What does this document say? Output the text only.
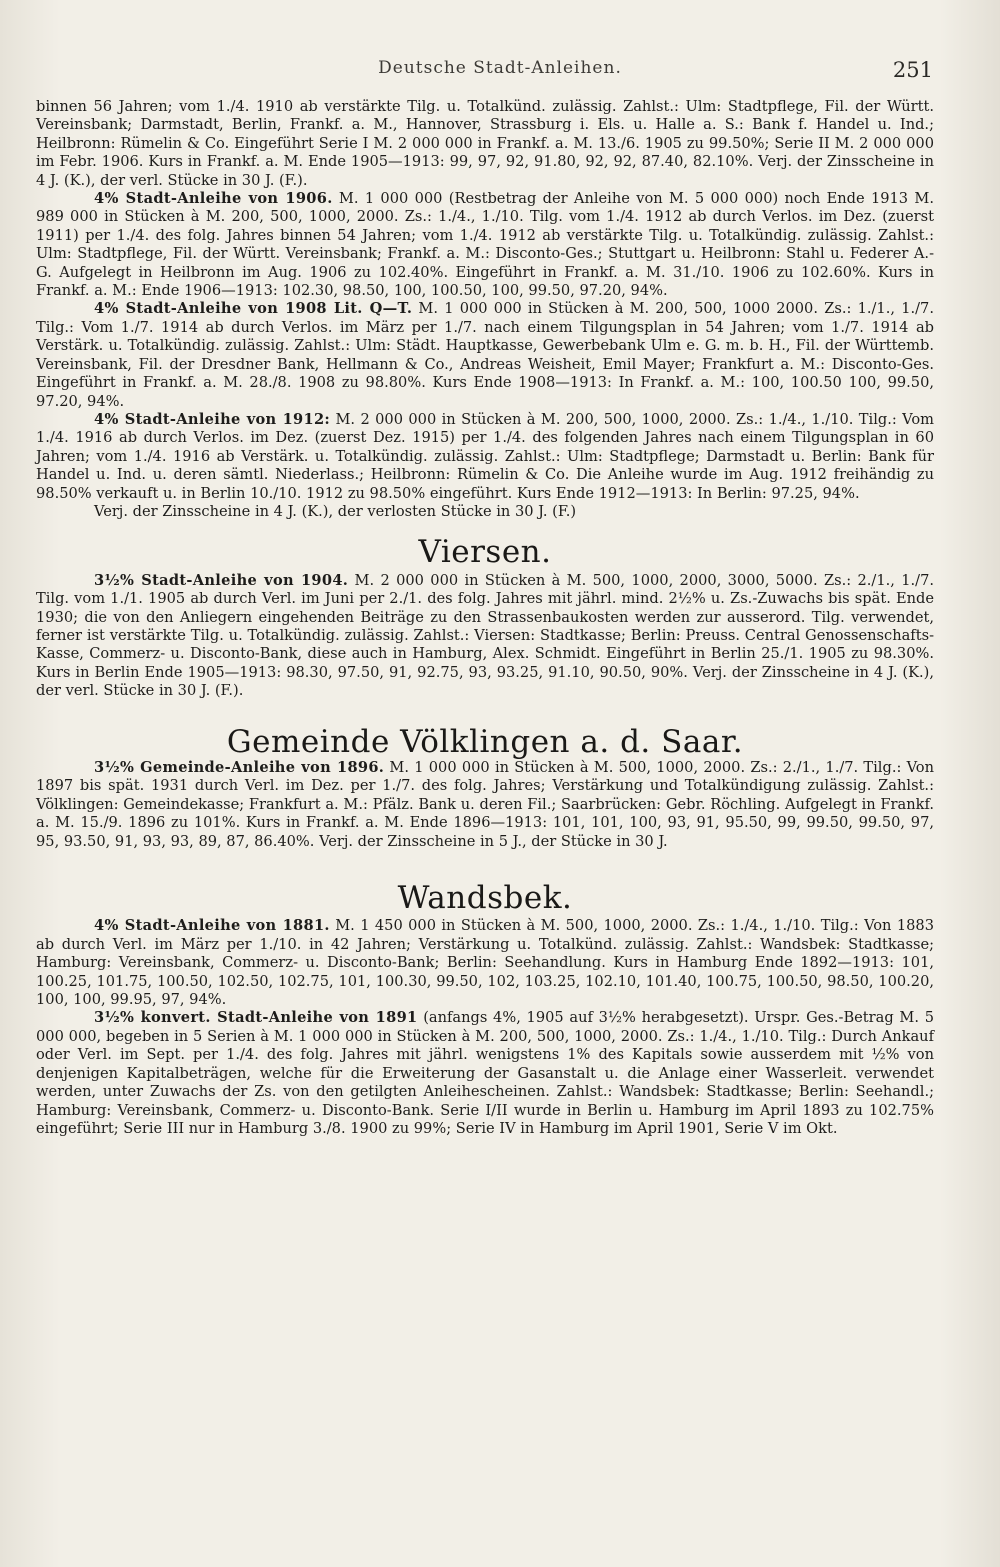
Deutsche Stadt-Anleihen.	251

binnen 56 Jahren; vom 1./4. 1910 ab verstärkte Tilg. u. Totalkünd. zulässig. Zahlst.: Ulm: Stadtpflege, Fil. der Württ. Vereinsbank; Darmstadt, Berlin, Frankf. a. M., Hannover, Strassburg i. Els. u. Halle a. S.: Bank f. Handel u. Ind.; Heilbronn: Rümelin & Co. Eingeführt Serie I M. 2 000 000 in Frankf. a. M. 13./6. 1905 zu 99.50%; Serie II M. 2 000 000 im Febr. 1906. Kurs in Frankf. a. M. Ende 1905—1913: 99, 97, 92, 91.80, 92, 92, 87.40, 82.10%. Verj. der Zinsscheine in 4 J. (K.), der verl. Stücke in 30 J. (F.).

4% Stadt-Anleihe von 1906. M. 1 000 000 (Restbetrag der Anleihe von M. 5 000 000) noch Ende 1913 M. 989 000 in Stücken à M. 200, 500, 1000, 2000. Zs.: 1./4., 1./10. Tilg. vom 1./4. 1912 ab durch Verlos. im Dez. (zuerst 1911) per 1./4. des folg. Jahres binnen 54 Jahren; vom 1./4. 1912 ab verstärkte Tilg. u. Totalkündig. zulässig. Zahlst.: Ulm: Stadtpflege, Fil. der Württ. Vereinsbank; Frankf. a. M.: Disconto-Ges.; Stuttgart u. Heilbronn: Stahl u. Federer A.-G. Aufgelegt in Heilbronn im Aug. 1906 zu 102.40%. Eingeführt in Frankf. a. M. 31./10. 1906 zu 102.60%. Kurs in Frankf. a. M.: Ende 1906—1913: 102.30, 98.50, 100, 100.50, 100, 99.50, 97.20, 94%.

4% Stadt-Anleihe von 1908 Lit. Q—T. M. 1 000 000 in Stücken à M. 200, 500, 1000 2000. Zs.: 1./1., 1./7. Tilg.: Vom 1./7. 1914 ab durch Verlos. im März per 1./7. nach einem Tilgungsplan in 54 Jahren; vom 1./7. 1914 ab Verstärk. u. Totalkündig. zulässig. Zahlst.: Ulm: Städt. Hauptkasse, Gewerbebank Ulm e. G. m. b. H., Fil. der Württemb. Vereinsbank, Fil. der Dresdner Bank, Hellmann & Co., Andreas Weisheit, Emil Mayer; Frankfurt a. M.: Disconto-Ges. Eingeführt in Frankf. a. M. 28./8. 1908 zu 98.80%. Kurs Ende 1908—1913: In Frankf. a. M.: 100, 100.50 100, 99.50, 97.20, 94%.

4% Stadt-Anleihe von 1912: M. 2 000 000 in Stücken à M. 200, 500, 1000, 2000. Zs.: 1./4., 1./10. Tilg.: Vom 1./4. 1916 ab durch Verlos. im Dez. (zuerst Dez. 1915) per 1./4. des folgenden Jahres nach einem Tilgungsplan in 60 Jahren; vom 1./4. 1916 ab Verstärk. u. Totalkündig. zulässig. Zahlst.: Ulm: Stadtpflege; Darmstadt u. Berlin: Bank für Handel u. Ind. u. deren sämtl. Niederlass.; Heilbronn: Rümelin & Co. Die Anleihe wurde im Aug. 1912 freihändig zu 98.50% verkauft u. in Berlin 10./10. 1912 zu 98.50% eingeführt. Kurs Ende 1912—1913: In Berlin: 97.25, 94%.

Verj. der Zinsscheine in 4 J. (K.), der verlosten Stücke in 30 J. (F.)

Viersen.

3½% Stadt-Anleihe von 1904. M. 2 000 000 in Stücken à M. 500, 1000, 2000, 3000, 5000. Zs.: 2./1., 1./7. Tilg. vom 1./1. 1905 ab durch Verl. im Juni per 2./1. des folg. Jahres mit jährl. mind. 2½% u. Zs.-Zuwachs bis spät. Ende 1930; die von den Anliegern eingehenden Beiträge zu den Strassenbaukosten werden zur ausserord. Tilg. verwendet, ferner ist verstärkte Tilg. u. Totalkündig. zulässig. Zahlst.: Viersen: Stadtkasse; Berlin: Preuss. Central Genossenschafts-Kasse, Commerz- u. Disconto-Bank, diese auch in Hamburg, Alex. Schmidt. Eingeführt in Berlin 25./1. 1905 zu 98.30%. Kurs in Berlin Ende 1905—1913: 98.30, 97.50, 91, 92.75, 93, 93.25, 91.10, 90.50, 90%. Verj. der Zinsscheine in 4 J. (K.), der verl. Stücke in 30 J. (F.).

Gemeinde Völklingen a. d. Saar.

3½% Gemeinde-Anleihe von 1896. M. 1 000 000 in Stücken à M. 500, 1000, 2000. Zs.: 2./1., 1./7. Tilg.: Von 1897 bis spät. 1931 durch Verl. im Dez. per 1./7. des folg. Jahres; Verstärkung und Totalkündigung zulässig. Zahlst.: Völklingen: Gemeindekasse; Frankfurt a. M.: Pfälz. Bank u. deren Fil.; Saarbrücken: Gebr. Röchling. Aufgelegt in Frankf. a. M. 15./9. 1896 zu 101%. Kurs in Frankf. a. M. Ende 1896—1913: 101, 101, 100, 93, 91, 95.50, 99, 99.50, 99.50, 97, 95, 93.50, 91, 93, 93, 89, 87, 86.40%. Verj. der Zinsscheine in 5 J., der Stücke in 30 J.

Wandsbek.

4% Stadt-Anleihe von 1881. M. 1 450 000 in Stücken à M. 500, 1000, 2000. Zs.: 1./4., 1./10. Tilg.: Von 1883 ab durch Verl. im März per 1./10. in 42 Jahren; Verstärkung u. Totalkünd. zulässig. Zahlst.: Wandsbek: Stadtkasse; Hamburg: Vereinsbank, Commerz- u. Disconto-Bank; Berlin: Seehandlung. Kurs in Hamburg Ende 1892—1913: 101, 100.25, 101.75, 100.50, 102.50, 102.75, 101, 100.30, 99.50, 102, 103.25, 102.10, 101.40, 100.75, 100.50, 98.50, 100.20, 100, 100, 99.95, 97, 94%.

3½% konvert. Stadt-Anleihe von 1891 (anfangs 4%, 1905 auf 3½% herabgesetzt). Urspr. Ges.-Betrag M. 5 000 000, begeben in 5 Serien à M. 1 000 000 in Stücken à M. 200, 500, 1000, 2000. Zs.: 1./4., 1./10. Tilg.: Durch Ankauf oder Verl. im Sept. per 1./4. des folg. Jahres mit jährl. wenigstens 1% des Kapitals sowie ausserdem mit ½% von denjenigen Kapitalbeträgen, welche für die Erweiterung der Gasanstalt u. die Anlage einer Wasserleit. verwendet werden, unter Zuwachs der Zs. von den getilgten Anleihescheinen. Zahlst.: Wandsbek: Stadtkasse; Berlin: Seehandl.; Hamburg: Vereinsbank, Commerz- u. Disconto-Bank. Serie I/II wurde in Berlin u. Hamburg im April 1893 zu 102.75% eingeführt; Serie III nur in Hamburg 3./8. 1900 zu 99%; Serie IV in Hamburg im April 1901, Serie V im Okt.
